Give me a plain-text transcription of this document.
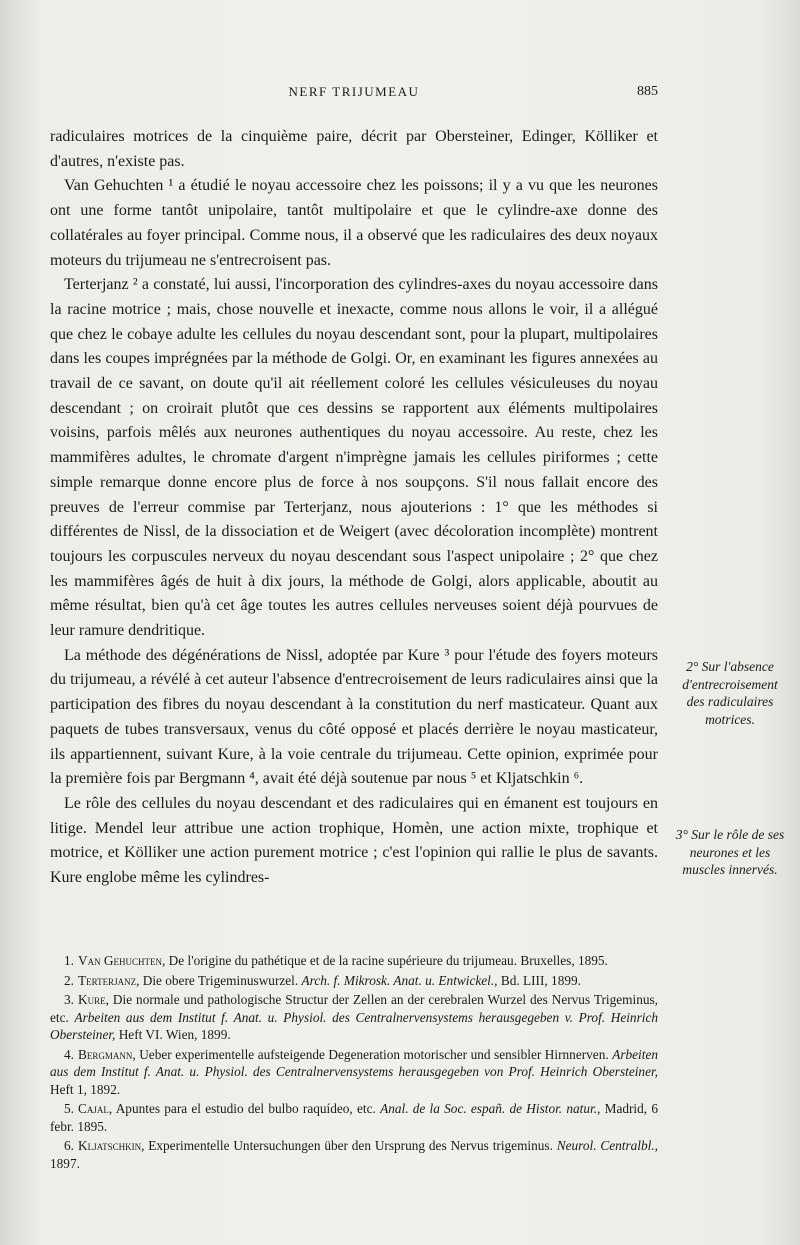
NERF TRIJUMEAU	885

radiculaires motrices de la cinquième paire, décrit par Obersteiner, Edinger, Kölliker et d'autres, n'existe pas.

Van Gehuchten ¹ a étudié le noyau accessoire chez les poissons; il y a vu que les neurones ont une forme tantôt unipolaire, tantôt multipolaire et que le cylindre-axe donne des collatérales au foyer principal. Comme nous, il a observé que les radiculaires des deux noyaux moteurs du trijumeau ne s'entrecroisent pas.

Terterjanz ² a constaté, lui aussi, l'incorporation des cylindres-axes du noyau accessoire dans la racine motrice ; mais, chose nouvelle et inexacte, comme nous allons le voir, il a allégué que chez le cobaye adulte les cellules du noyau descendant sont, pour la plupart, multipolaires dans les coupes imprégnées par la méthode de Golgi. Or, en examinant les figures annexées au travail de ce savant, on doute qu'il ait réellement coloré les cellules vésiculeuses du noyau descendant ; on croirait plutôt que ces dessins se rapportent aux éléments multipolaires voisins, parfois mêlés aux neurones authentiques du noyau accessoire. Au reste, chez les mammifères adultes, le chromate d'argent n'imprègne jamais les cellules piriformes ; cette simple remarque donne encore plus de force à nos soupçons. S'il nous fallait encore des preuves de l'erreur commise par Terterjanz, nous ajouterions : 1° que les méthodes si différentes de Nissl, de la dissociation et de Weigert (avec décoloration incomplète) montrent toujours les corpuscules nerveux du noyau descendant sous l'aspect unipolaire ; 2° que chez les mammifères âgés de huit à dix jours, la méthode de Golgi, alors applicable, aboutit au même résultat, bien qu'à cet âge toutes les autres cellules nerveuses soient déjà pourvues de leur ramure dendritique.

La méthode des dégénérations de Nissl, adoptée par Kure ³ pour l'étude des foyers moteurs du trijumeau, a révélé à cet auteur l'absence d'entrecroisement de leurs radiculaires ainsi que la participation des fibres du noyau descendant à la constitution du nerf masticateur. Quant aux paquets de tubes transversaux, venus du côté opposé et placés derrière le noyau masticateur, ils appartiennent, suivant Kure, à la voie centrale du trijumeau. Cette opinion, exprimée pour la première fois par Bergmann ⁴, avait été déjà soutenue par nous ⁵ et Kljatschkin ⁶.

Le rôle des cellules du noyau descendant et des radiculaires qui en émanent est toujours en litige. Mendel leur attribue une action trophique, Homèn, une action mixte, trophique et motrice, et Kölliker une action purement motrice ; c'est l'opinion qui rallie le plus de savants. Kure englobe même les cylindres-

2° Sur l'absence d'entrecroisement des radiculaires motrices.
3° Sur le rôle de ses neurones et les muscles innervés.

1. Van Gehuchten, De l'origine du pathétique et de la racine supérieure du trijumeau. Bruxelles, 1895.

2. Terterjanz, Die obere Trigeminuswurzel. Arch. f. Mikrosk. Anat. u. Entwickel., Bd. LIII, 1899.

3. Kure, Die normale und pathologische Structur der Zellen an der cerebralen Wurzel des Nervus Trigeminus, etc. Arbeiten aus dem Institut f. Anat. u. Physiol. des Centralnervensystems herausgegeben v. Prof. Heinrich Obersteiner, Heft VI. Wien, 1899.

4. Bergmann, Ueber experimentelle aufsteigende Degeneration motorischer und sensibler Hirnnerven. Arbeiten aus dem Institut f. Anat. u. Physiol. des Centralnervensystems herausgegeben von Prof. Heinrich Obersteiner, Heft 1, 1892.

5. Cajal, Apuntes para el estudio del bulbo raquídeo, etc. Anal. de la Soc. españ. de Histor. natur., Madrid, 6 febr. 1895.

6. Kljatschkin, Experimentelle Untersuchungen über den Ursprung des Nervus trigeminus. Neurol. Centralbl., 1897.
